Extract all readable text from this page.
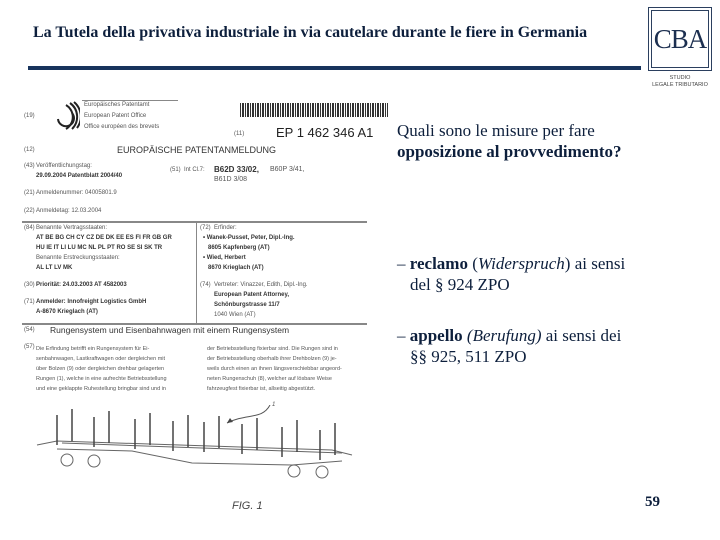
La Tutela della privativa industriale in via cautelare durante le fiere in Germania	CBA
STUDIO
LEGALE TRIBUTARIO
(19)
Europäisches Patentamt
European Patent Office
Office européen des brevets
(11) EP 1 462 346 A1
(12)	EUROPÄISCHE PATENTANMELDUNG
(43) Veröffentlichungstag:
29.09.2004 Patentblatt 2004/40
(51) Int Cl.7: B62D 33/02, B60P 3/41,
B61D 3/08
(21) Anmeldenummer: 04005801.9
(22) Anmeldetag: 12.03.2004
(84) Benannte Vertragsstaaten:
AT BE BG CH CY CZ DE DK EE ES FI FR GB GR
HU IE IT LI LU MC NL PL PT RO SE SI SK TR
Benannte Erstreckungsstaaten:
AL LT LV MK
(72) Erfinder:
• Wanek-Pusset, Peter, Dipl.-Ing.
8605 Kapfenberg (AT)
• Wied, Herbert
8670 Krieglach (AT)
(30) Priorität: 24.03.2003 AT 4582003	(74) Vertreter: Vinazzer, Edith, Dipl.-Ing.
European Patent Attorney,
Schönburgstrasse 11/7
1040 Wien (AT)
(71) Anmelder: Innofreight Logistics GmbH
A-8670 Krieglach (AT)
(54) Rungensystem und Eisenbahnwagen mit einem Rungensystem
(57) Die Erfindung betrifft ein Rungensystem für Ei-
senbahnwagen, Lastkraftwagen oder dergleichen mit
über Bolzen (9) oder dergleichen drehbar gelagerten
Rungen (1), welche in eine aufrechte Betriebsstellung
und eine geklappte Ruhestellung bringbar sind und in
der Betriebsstellung fixierbar sind. Die Rungen sind in
der Betriebsstellung oberhalb ihrer Drehbolzen (9) je-
weils durch einen an ihnen längsverschiebbar angeord-
neten Rungenschuh (8), welcher auf lösbare Weise
fahrzeugfest fixierbar ist, allseitig abgestützt.
1
FIG. 1
Quali sono le misure per fare
opposizione al provvedimento?
– reclamo (Widerspruch) ai sensi
del § 924 ZPO
– appello (Berufung) ai sensi dei
§§ 925, 511 ZPO
59
